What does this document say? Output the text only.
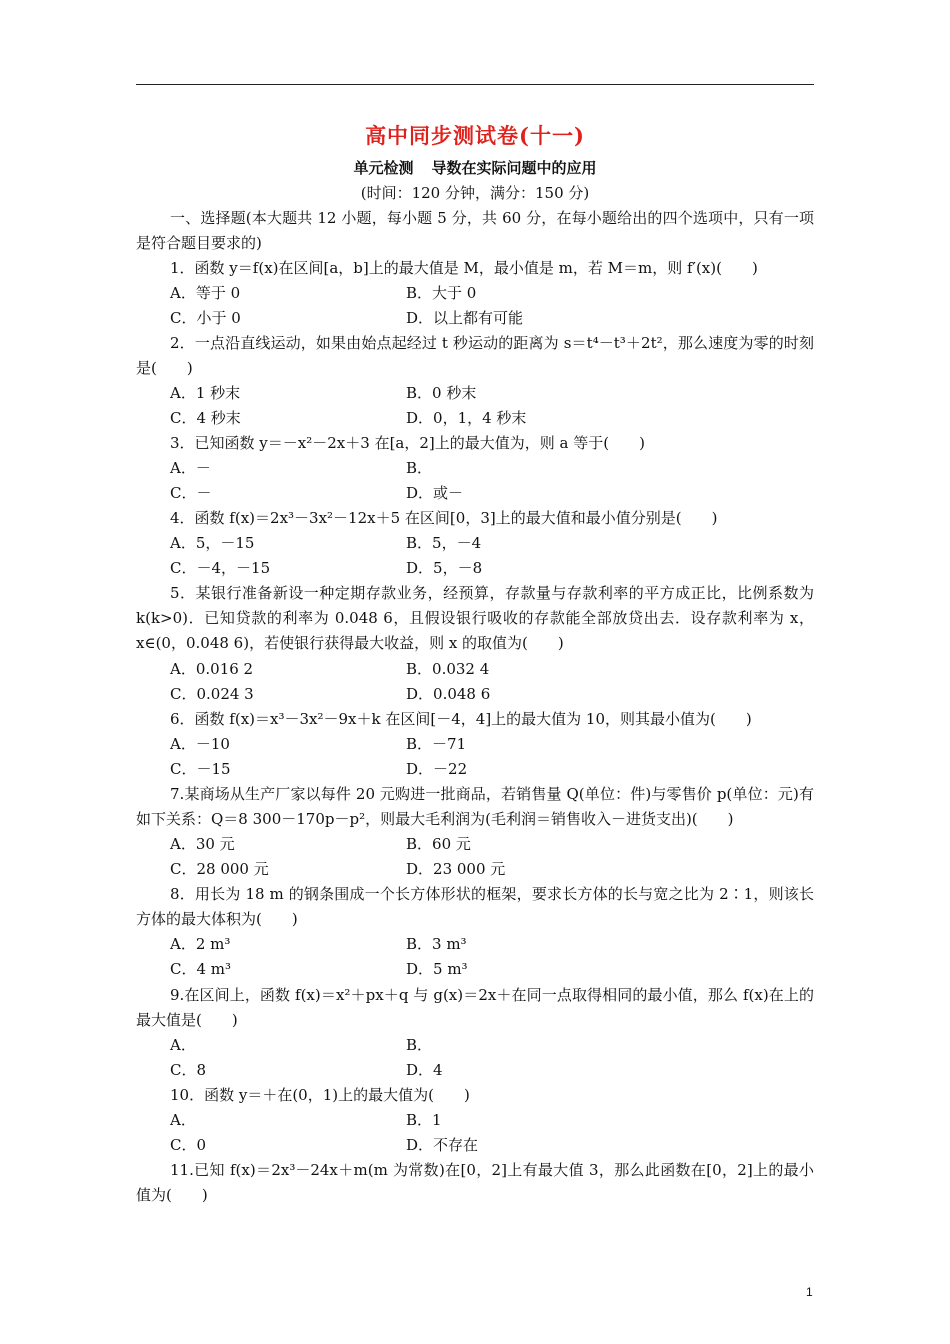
高中同步测试卷(十一)
单元检测 导数在实际问题中的应用
(时间：120 分钟，满分：150 分)
一、选择题(本大题共 12 小题，每小题 5 分，共 60 分，在每小题给出的四个选项中，只有一项是符合题目要求的)
1．函数 y＝f(x)在区间[a，b]上的最大值是 M，最小值是 m，若 M＝m，则 f′(x)(　　)
A．等于 0	B．大于 0
C．小于 0	D．以上都有可能
2．一点沿直线运动，如果由始点起经过 t 秒运动的距离为 s＝t⁴－t³＋2t²，那么速度为零的时刻是(　　)
A．1 秒末	B．0 秒末
C．4 秒末	D．0，1，4 秒末
3．已知函数 y＝－x²－2x＋3 在[a，2]上的最大值为，则 a 等于(　　)
A．－	B．
C．－	D．或－
4．函数 f(x)＝2x³－3x²－12x＋5 在区间[0，3]上的最大值和最小值分别是(　　)
A．5，－15	B．5，－4
C．－4，－15	D．5，－8
5．某银行准备新设一种定期存款业务，经预算，存款量与存款利率的平方成正比，比例系数为 k(k>0)．已知贷款的利率为 0.048 6，且假设银行吸收的存款能全部放贷出去．设存款利率为 x，x∈(0，0.048 6)，若使银行获得最大收益，则 x 的取值为(　　)
A．0.016 2	B．0.032 4
C．0.024 3	D．0.048 6
6．函数 f(x)＝x³－3x²－9x＋k 在区间[－4，4]上的最大值为 10，则其最小值为(　　)
A．－10	B．－71
C．－15	D．－22
7.某商场从生产厂家以每件 20 元购进一批商品，若销售量 Q(单位：件)与零售价 p(单位：元)有如下关系：Q＝8 300－170p－p²，则最大毛利润为(毛利润＝销售收入－进货支出)(　　)
A．30 元	B．60 元
C．28 000 元	D．23 000 元
8．用长为 18 m 的钢条围成一个长方体形状的框架，要求长方体的长与宽之比为 2∶1，则该长方体的最大体积为(　　)
A．2 m³	B．3 m³
C．4 m³	D．5 m³
9.在区间上，函数 f(x)＝x²＋px＋q 与 g(x)＝2x＋在同一点取得相同的最小值，那么 f(x)在上的最大值是(　　)
A．	B．
C．8	D．4
10．函数 y＝＋在(0，1)上的最大值为(　　)
A．	B．1
C．0	D．不存在
11.已知 f(x)＝2x³－24x＋m(m 为常数)在[0，2]上有最大值 3，那么此函数在[0，2]上的最小值为(　　)
1
